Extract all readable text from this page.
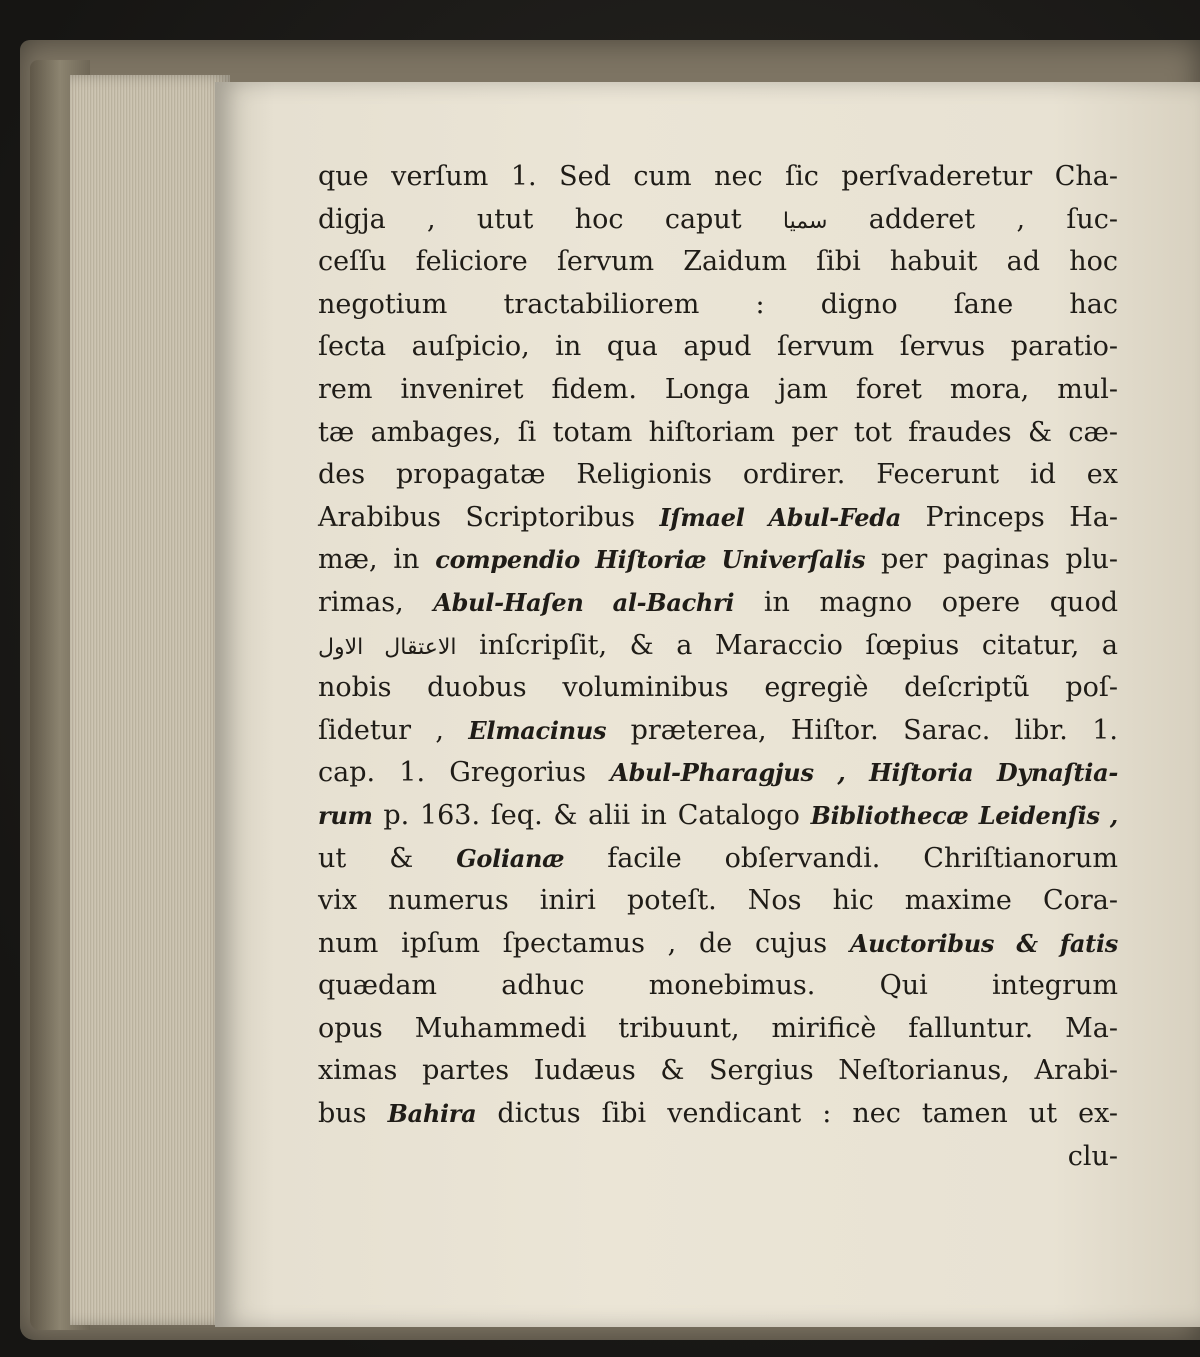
que verſum 1. Sed cum nec ſic perſvaderetur Cha-
digja , utut hoc caput سميا adderet , ſuc-
ceſſu feliciore ſervum Zaidum ſibi habuit ad hoc
negotium tractabiliorem : digno ſane hac
ſecta auſpicio, in qua apud ſervum ſervus paratio-
rem inveniret fidem. Longa jam foret mora, mul-
tæ ambages, ſi totam hiſtoriam per tot fraudes & cæ-
des propagatæ Religionis ordirer. Fecerunt id ex
Arabibus Scriptoribus Iſmael Abul-Feda Princeps Ha-
mæ, in compendio Hiſtoriæ Univerſalis per paginas plu-
rimas, Abul-Haſen al-Bachri in magno opere quod
الاعتقال الاول inſcripſit, & a Maraccio ſœpius citatur, a
nobis duobus voluminibus egregiè deſcriptũ poſ-
ſidetur , Elmacinus præterea, Hiſtor. Sarac. libr. 1.
cap. 1. Gregorius Abul-Pharagjus , Hiſtoria Dynaſtia-
rum p. 163. ſeq. & alii in Catalogo Bibliothecæ Leidenſis ,
ut & Golianæ facile obſervandi. Chriſtianorum
vix numerus iniri poteſt. Nos hic maxime Cora-
num ipſum ſpectamus , de cujus Auctoribus & fatis
quædam adhuc monebimus. Qui integrum
opus Muhammedi tribuunt, mirificè falluntur. Ma-
ximas partes Iudæus & Sergius Neſtorianus, Arabi-
bus Bahira dictus ſibi vendicant : nec tamen ut ex-
clu-
